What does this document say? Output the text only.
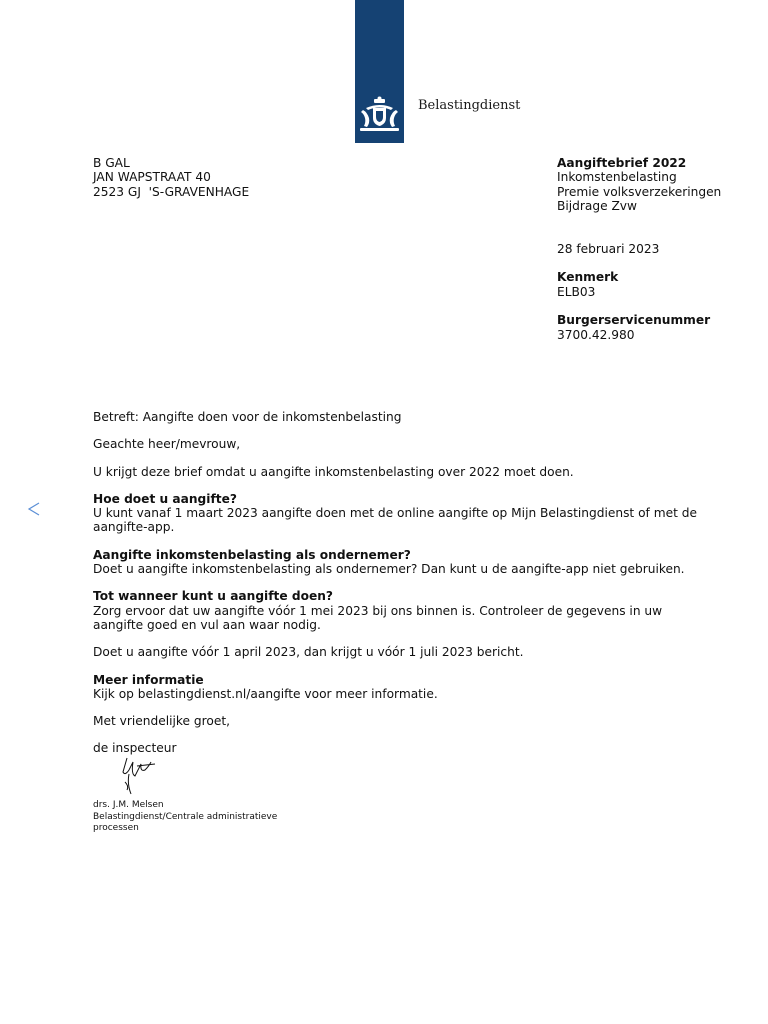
Belastingdienst
B GAL
JAN WAPSTRAAT 40
2523 GJ  'S-GRAVENHAGE
Aangiftebrief 2022
Inkomstenbelasting
Premie volksverzekeringen
Bijdrage Zvw

28 februari 2023

Kenmerk
ELB03

Burgerservicenummer
3700.42.980

Betreft: Aangifte doen voor de inkomstenbelasting

Geachte heer/mevrouw,

U krijgt deze brief omdat u aangifte inkomstenbelasting over 2022 moet doen.

Hoe doet u aangifte?
U kunt vanaf 1 maart 2023 aangifte doen met de online aangifte op Mijn Belastingdienst of met de
aangifte-app.
Aangifte inkomstenbelasting als ondernemer?
Doet u aangifte inkomstenbelasting als ondernemer? Dan kunt u de aangifte-app niet gebruiken.
Tot wanneer kunt u aangifte doen?
Zorg ervoor dat uw aangifte vóór 1 mei 2023 bij ons binnen is. Controleer de gegevens in uw
aangifte goed en vul aan waar nodig.

Doet u aangifte vóór 1 april 2023, dan krijgt u vóór 1 juli 2023 bericht.

Meer informatie
Kijk op belastingdienst.nl/aangifte voor meer informatie.

Met vriendelijke groet,

de inspecteur

drs. J.M. Melsen
Belastingdienst/Centrale administratieve processen
